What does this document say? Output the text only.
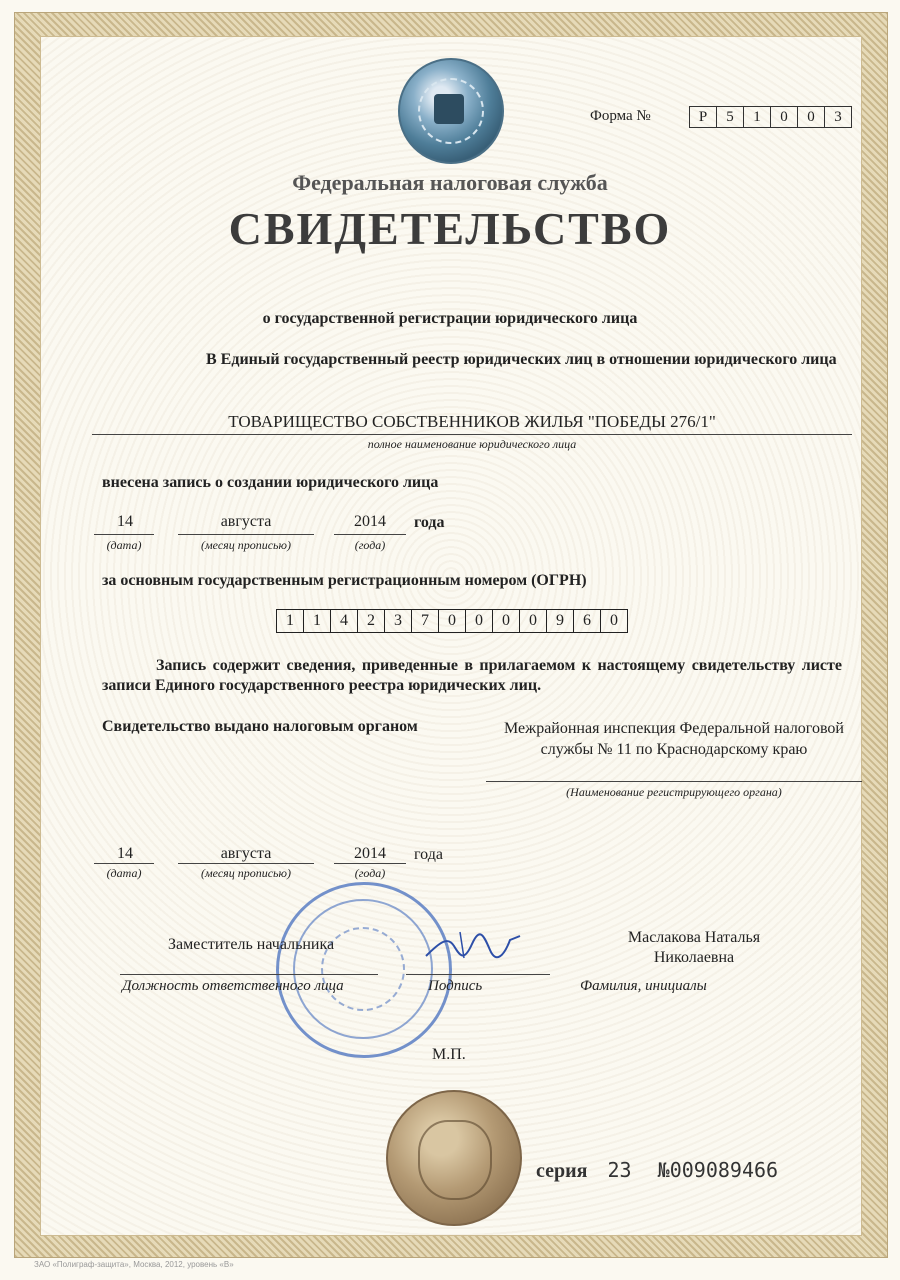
Форма №	Р	5	1	0	0	3
Федеральная налоговая служба
СВИДЕТЕЛЬСТВО
о государственной регистрации юридического лица
В Единый государственный реестр юридических лиц в отношении юридического лица
ТОВАРИЩЕСТВО СОБСТВЕННИКОВ ЖИЛЬЯ "ПОБЕДЫ 276/1"
полное наименование юридического лица
внесена запись о создании юридического лица
14
(дата)
августа
(месяц прописью)
2014
(года)
года
за основным государственным регистрационным номером (ОГРН)
1	1	4	2	3	7	0	0	0	0	9	6	0
Запись содержит сведения, приведенные в прилагаемом к настоящему свидетельству листе записи Единого государственного реестра юридических лиц.
Свидетельство выдано налоговым органом	Межрайонная инспекция Федеральной налоговой службы № 11 по Краснодарскому краю
(Наименование регистрирующего органа)
14
(дата)
августа
(месяц прописью)
2014
(года)
года
Заместитель начальника
Должность ответственного лица	Подпись
Маслакова Наталья Николаевна
Фамилия, инициалы
М.П.
серия 23 №009089466
ЗАО «Полиграф-защита», Москва, 2012, уровень «В»
